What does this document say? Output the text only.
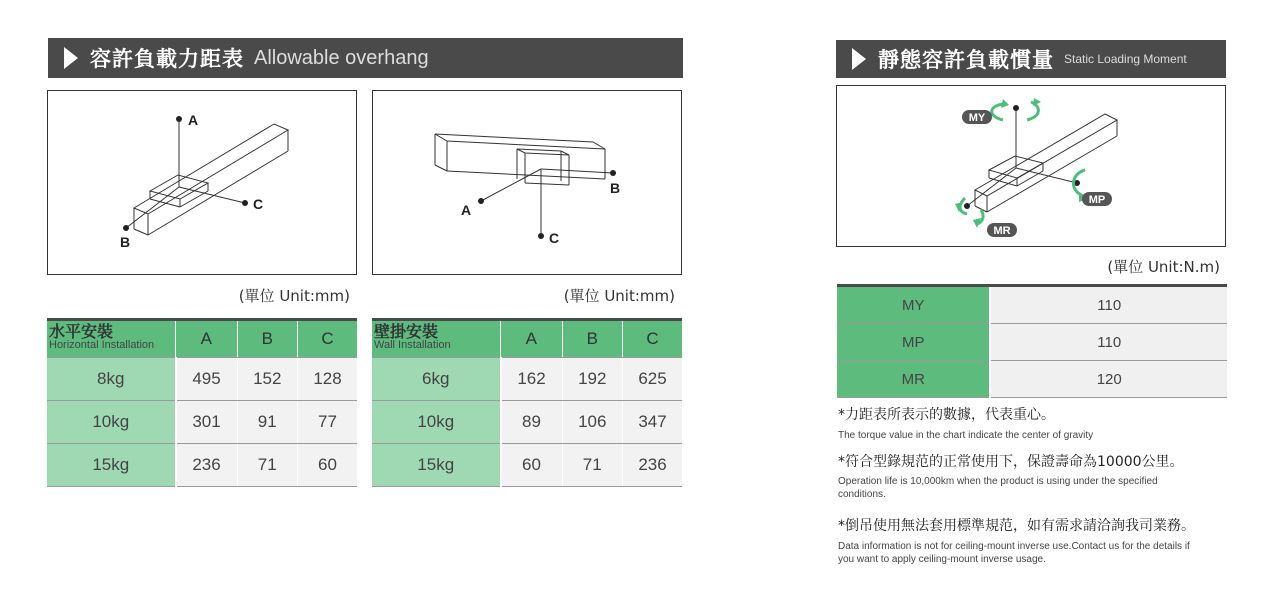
容許負載力距表 Allowable overhang	靜態容許負載慣量 Static Loading Moment
A
C
B
B
A
C
MY
MP
MR
(單位 Unit:mm)	(單位 Unit:mm)
(單位 Unit:N.m)
水平安裝
Horizontal Installation	A	B	C
8kg	495	152	128
10kg	301	91	77
15kg	236	71	60
壁掛安裝
Wall Installation	A	B	C
6kg	162	192	625
10kg	89	106	347
15kg	60	71	236
MY	110
MP	110
MR	120
*力距表所表示的數據，代表重心。
The torque value in the chart indicate the center of gravity
*符合型錄規范的正常使用下，保證壽命為10000公里。
Operation life is 10,000km when the product is using under the specified conditions.
*倒吊使用無法套用標準規范，如有需求請洽詢我司業務。
Data information is not for ceiling-mount inverse use.Contact us for the details if you want to apply ceiling-mount inverse usage.
